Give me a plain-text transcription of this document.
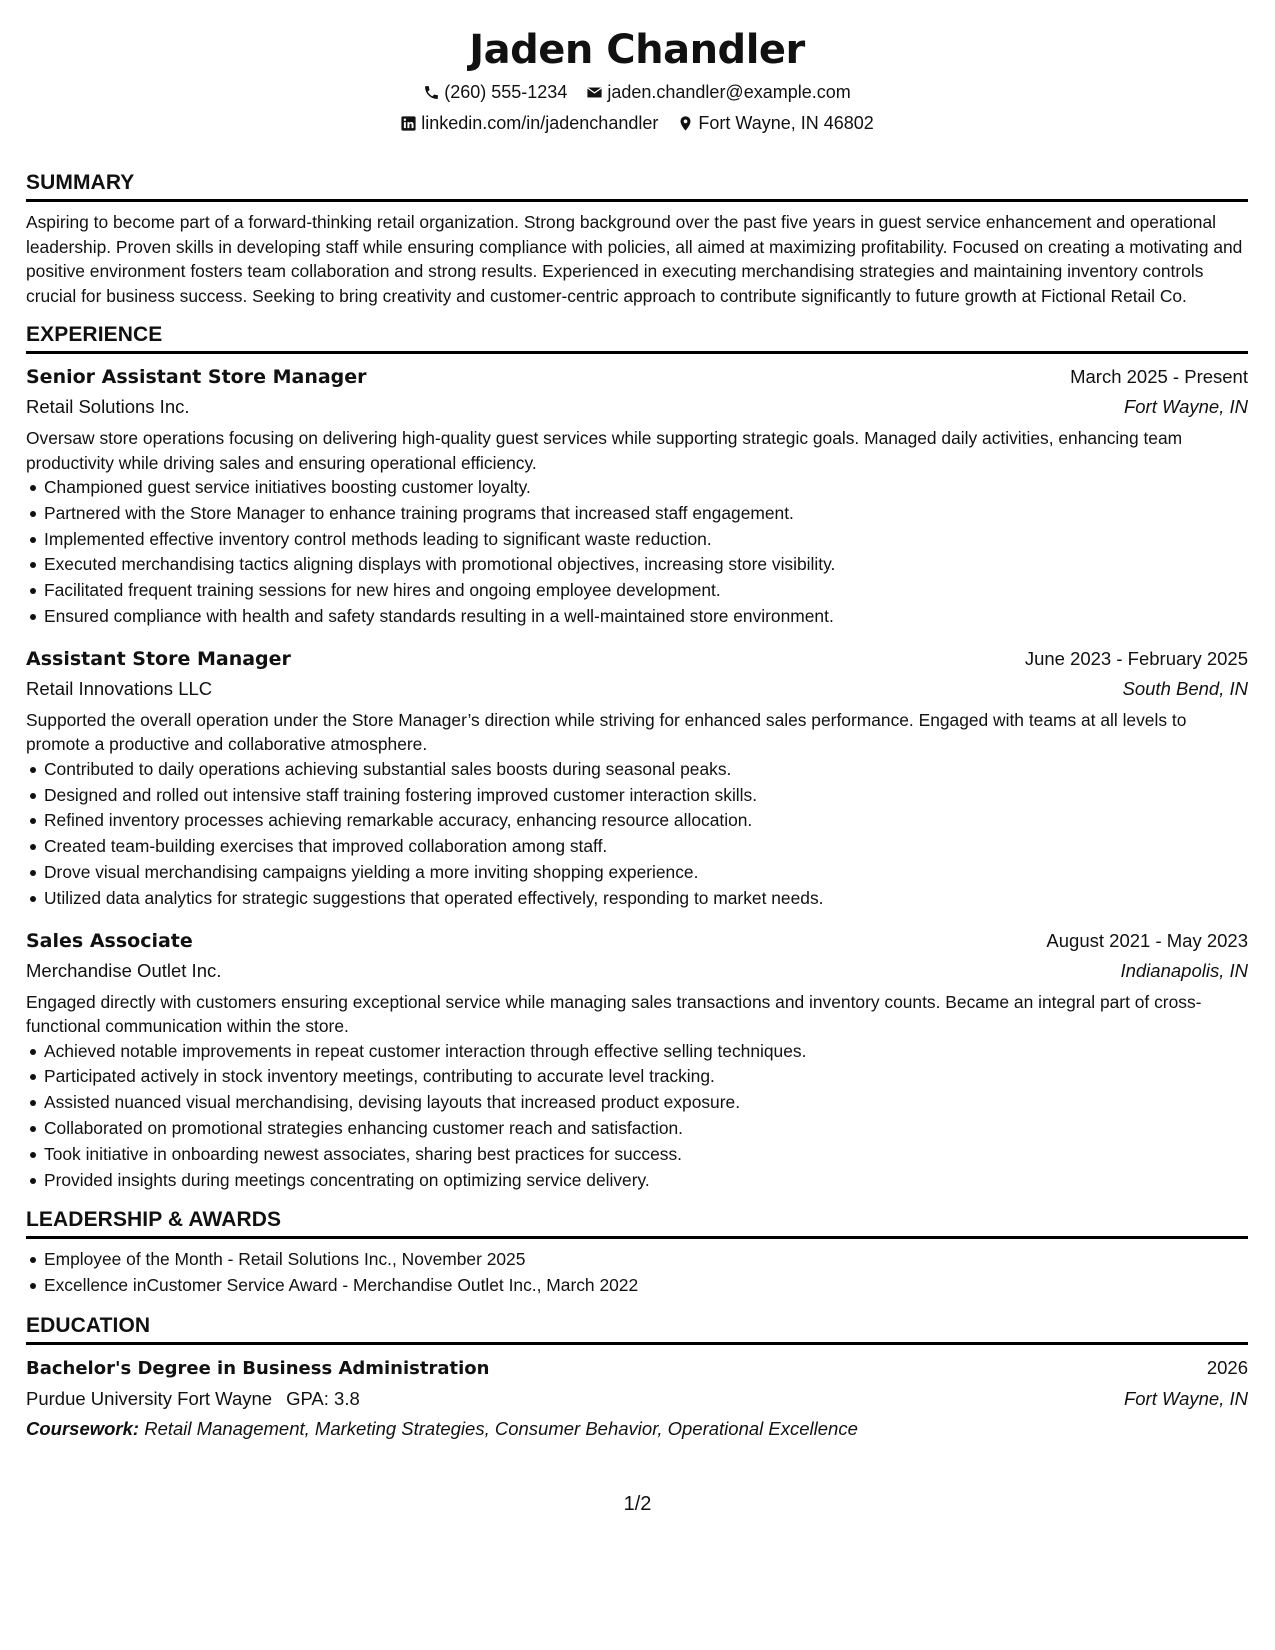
Jaden Chandler
(260) 555-1234
jaden.chandler@example.com
linkedin.com/in/jadenchandler
Fort Wayne, IN 46802
SUMMARY
Aspiring to become part of a forward-thinking retail organization. Strong background over the past five years in guest service enhancement and operational leadership. Proven skills in developing staff while ensuring compliance with policies, all aimed at maximizing profitability. Focused on creating a motivating and positive environment fosters team collaboration and strong results. Experienced in executing merchandising strategies and maintaining inventory controls crucial for business success. Seeking to bring creativity and customer-centric approach to contribute significantly to future growth at Fictional Retail Co.
EXPERIENCE
Senior Assistant Store Manager	March 2025 - Present
Retail Solutions Inc.	Fort Wayne, IN
Oversaw store operations focusing on delivering high-quality guest services while supporting strategic goals. Managed daily activities, enhancing team productivity while driving sales and ensuring operational efficiency.
Championed guest service initiatives boosting customer loyalty.
Partnered with the Store Manager to enhance training programs that increased staff engagement.
Implemented effective inventory control methods leading to significant waste reduction.
Executed merchandising tactics aligning displays with promotional objectives, increasing store visibility.
Facilitated frequent training sessions for new hires and ongoing employee development.
Ensured compliance with health and safety standards resulting in a well-maintained store environment.
Assistant Store Manager	June 2023 - February 2025
Retail Innovations LLC	South Bend, IN
Supported the overall operation under the Store Manager’s direction while striving for enhanced sales performance. Engaged with teams at all levels to promote a productive and collaborative atmosphere.
Contributed to daily operations achieving substantial sales boosts during seasonal peaks.
Designed and rolled out intensive staff training fostering improved customer interaction skills.
Refined inventory processes achieving remarkable accuracy, enhancing resource allocation.
Created team-building exercises that improved collaboration among staff.
Drove visual merchandising campaigns yielding a more inviting shopping experience.
Utilized data analytics for strategic suggestions that operated effectively, responding to market needs.
Sales Associate	August 2021 - May 2023
Merchandise Outlet Inc.	Indianapolis, IN
Engaged directly with customers ensuring exceptional service while managing sales transactions and inventory counts. Became an integral part of cross-functional communication within the store.
Achieved notable improvements in repeat customer interaction through effective selling techniques.
Participated actively in stock inventory meetings, contributing to accurate level tracking.
Assisted nuanced visual merchandising, devising layouts that increased product exposure.
Collaborated on promotional strategies enhancing customer reach and satisfaction.
Took initiative in onboarding newest associates, sharing best practices for success.
Provided insights during meetings concentrating on optimizing service delivery.
LEADERSHIP & AWARDS
Employee of the Month - Retail Solutions Inc., November 2025
Excellence inCustomer Service Award - Merchandise Outlet Inc., March 2022
EDUCATION
Bachelor's Degree in Business Administration	2026
Purdue University Fort Wayne GPA: 3.8	Fort Wayne, IN
Coursework: Retail Management, Marketing Strategies, Consumer Behavior, Operational Excellence
1/2
